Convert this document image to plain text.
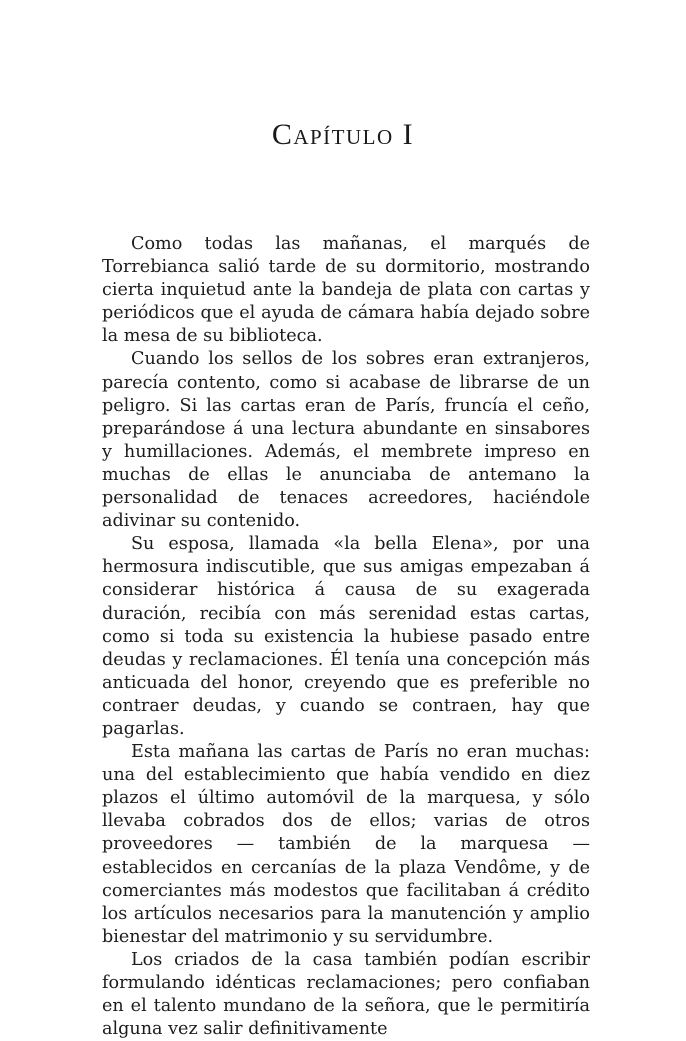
Capítulo I

Como todas las mañanas, el marqués de Torrebianca salió tarde de su dormitorio, mostrando cierta inquietud ante la bandeja de plata con cartas y periódicos que el ayuda de cámara había dejado sobre la mesa de su biblioteca.

Cuando los sellos de los sobres eran extranjeros, parecía contento, como si acabase de librarse de un peligro. Si las cartas eran de París, fruncía el ceño, preparándose á una lectura abundante en sinsabores y humillaciones. Además, el membrete impreso en muchas de ellas le anunciaba de antemano la personalidad de tenaces acreedores, haciéndole adivinar su contenido.

Su esposa, llamada «la bella Elena», por una hermosura indiscutible, que sus amigas empezaban á considerar histórica á causa de su exagerada duración, recibía con más serenidad estas cartas, como si toda su existencia la hubiese pasado entre deudas y reclamaciones. Él tenía una concepción más anticuada del honor, creyendo que es preferible no contraer deudas, y cuando se contraen, hay que pagarlas.

Esta mañana las cartas de París no eran muchas: una del establecimiento que había vendido en diez plazos el último automóvil de la marquesa, y sólo llevaba cobrados dos de ellos; varias de otros proveedores — también de la marquesa — establecidos en cercanías de la plaza Vendôme, y de comerciantes más modestos que facilitaban á crédito los artículos necesarios para la manutención y amplio bienestar del matrimonio y su servidumbre.

Los criados de la casa también podían escribir formulando idénticas reclamaciones; pero confiaban en el talento mundano de la señora, que le permitiría alguna vez salir definitivamente
